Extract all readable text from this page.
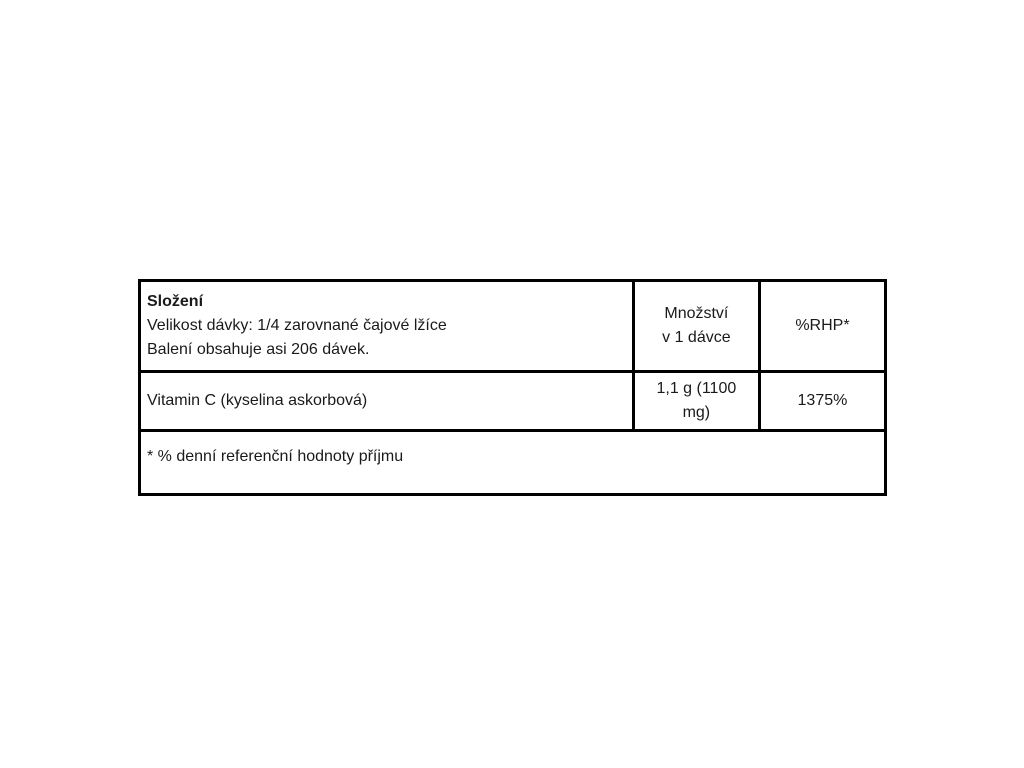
Složení
Velikost dávky: 1/4 zarovnané čajové lžíce
Balení obsahuje asi 206 dávek.	Množství
v 1 dávce	%RHP*
Vitamin C (kyselina askorbová)	1,1 g (1100
mg)	1375%
* % denní referenční hodnoty příjmu		
